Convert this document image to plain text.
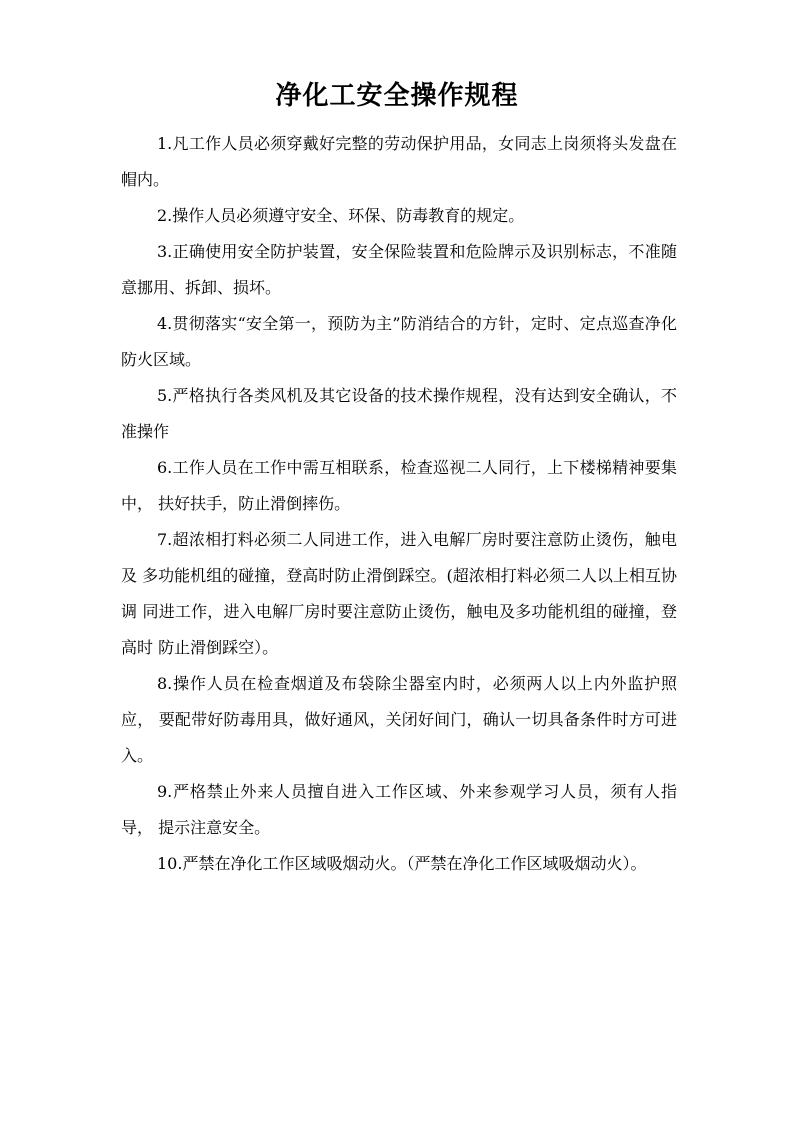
净化工安全操作规程

1.凡工作人员必须穿戴好完整的劳动保护用品，女同志上岗须将头发盘在帽内。

2.操作人员必须遵守安全、环保、防毒教育的规定。

3.正确使用安全防护装置，安全保险装置和危险牌示及识别标志，不准随意挪用、拆卸、损坏。

4.贯彻落实“安全第一，预防为主”防消结合的方针，定时、定点巡查净化 防火区域。

5.严格执行各类风机及其它设备的技术操作规程，没有达到安全确认，不准操作

6.工作人员在工作中需互相联系，检查巡视二人同行，上下楼梯精神要集中， 扶好扶手，防止滑倒摔伤。

7.超浓相打料必须二人同进工作，进入电解厂房时要注意防止烫伤，触电及 多功能机组的碰撞，登高时防止滑倒踩空。(超浓相打料必须二人以上相互协调 同进工作，进入电解厂房时要注意防止烫伤，触电及多功能机组的碰撞，登高时 防止滑倒踩空）。

8.操作人员在检查烟道及布袋除尘器室内时，必须两人以上内外监护照应， 要配带好防毒用具，做好通风，关闭好间门，确认一切具备条件时方可进入。

9.严格禁止外来人员擅自进入工作区域、外来参观学习人员，须有人指导， 提示注意安全。

10.严禁在净化工作区域吸烟动火。（严禁在净化工作区域吸烟动火）。
